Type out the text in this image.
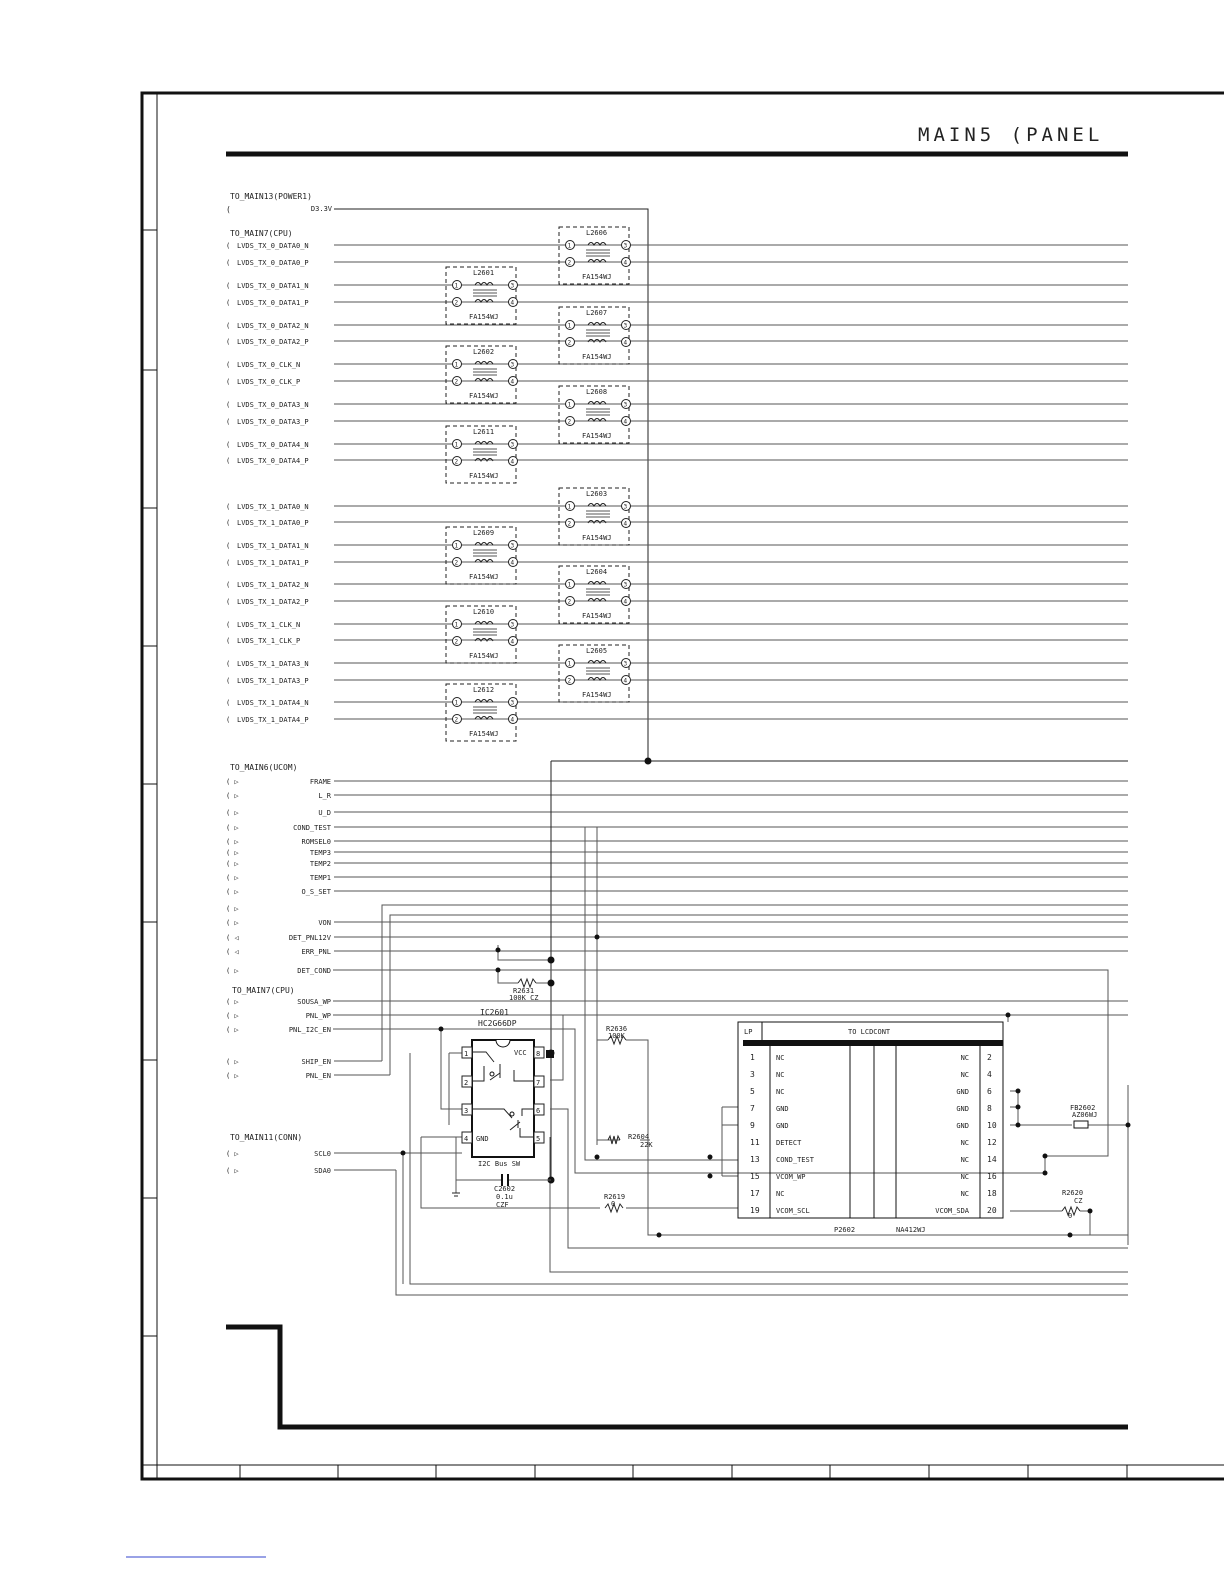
MAIN5 (PANEL
TO_MAIN13(POWER1)
(	D3.3V
TO_MAIN7(CPU)
( LVDS_TX_0_DATA0_N
( LVDS_TX_0_DATA0_P
( LVDS_TX_0_DATA1_N
( LVDS_TX_0_DATA1_P
( LVDS_TX_0_DATA2_N
( LVDS_TX_0_DATA2_P
( LVDS_TX_0_CLK_N
( LVDS_TX_0_CLK_P
( LVDS_TX_0_DATA3_N
( LVDS_TX_0_DATA3_P
( LVDS_TX_0_DATA4_N
( LVDS_TX_0_DATA4_P
( LVDS_TX_1_DATA0_N
( LVDS_TX_1_DATA0_P
( LVDS_TX_1_DATA1_N
( LVDS_TX_1_DATA1_P
( LVDS_TX_1_DATA2_N
( LVDS_TX_1_DATA2_P
( LVDS_TX_1_CLK_N
( LVDS_TX_1_CLK_P
( LVDS_TX_1_DATA3_N
( LVDS_TX_1_DATA3_P
( LVDS_TX_1_DATA4_N
( LVDS_TX_1_DATA4_P
L2606
FA154WJ
1
2
3
4
L2601
FA154WJ
1
2
3
4
L2607
FA154WJ
1
2
3
4
L2602
FA154WJ
1
2
3
4
L2608
FA154WJ
1
2
3
4
L2611
FA154WJ
1
2
3
4
L2603
FA154WJ
1
2
3
4
L2609
FA154WJ
1
2
3
4
L2604
FA154WJ
1
2
3
4
L2610
FA154WJ
1
2
3
4
L2605
FA154WJ
1
2
3
4
L2612
FA154WJ
1
2
3
4
TO_MAIN6(UCOM)
( ▷	FRAME
( ▷	L_R
( ▷	U_D
( ▷	COND_TEST
( ▷	ROMSEL0
( ▷	TEMP3
( ▷	TEMP2
( ▷	TEMP1
( ▷	O_S_SET
( ▷
( ▷	VON
( ◁	DET_PNL12V
( ◁	ERR_PNL
( ▷	DET_COND
TO_MAIN7(CPU)
( ▷	SOUSA_WP
( ▷	PNL_WP
( ▷	PNL_I2C_EN
( ▷	SHIP_EN
( ▷	PNL_EN
TO_MAIN11(CONN)
( ▷	SCL0
( ▷	SDA0
IC2601
HC2G66DP
1
2
3
4	5
6
7
8
VCC
GND
I2C Bus SW
C2602
0.1u
CZF
R2631
100K CZ
R2636
100K
R2604
22K
R2619
0
R2620
CZ
0
FB2602
AZ06WJ
LP	TO LCDCONT
1	NC	NC 2
3	NC	NC 4
5	NC	GND 6
7	GND	GND 8
9	GND	GND 10
11 DETECT	NC 12
13 COND_TEST	NC 14
15 VCOM_WP	NC 16
17 NC	NC 18
19 VCOM_SCL	VCOM_SDA 20
P2602	NA412WJ
